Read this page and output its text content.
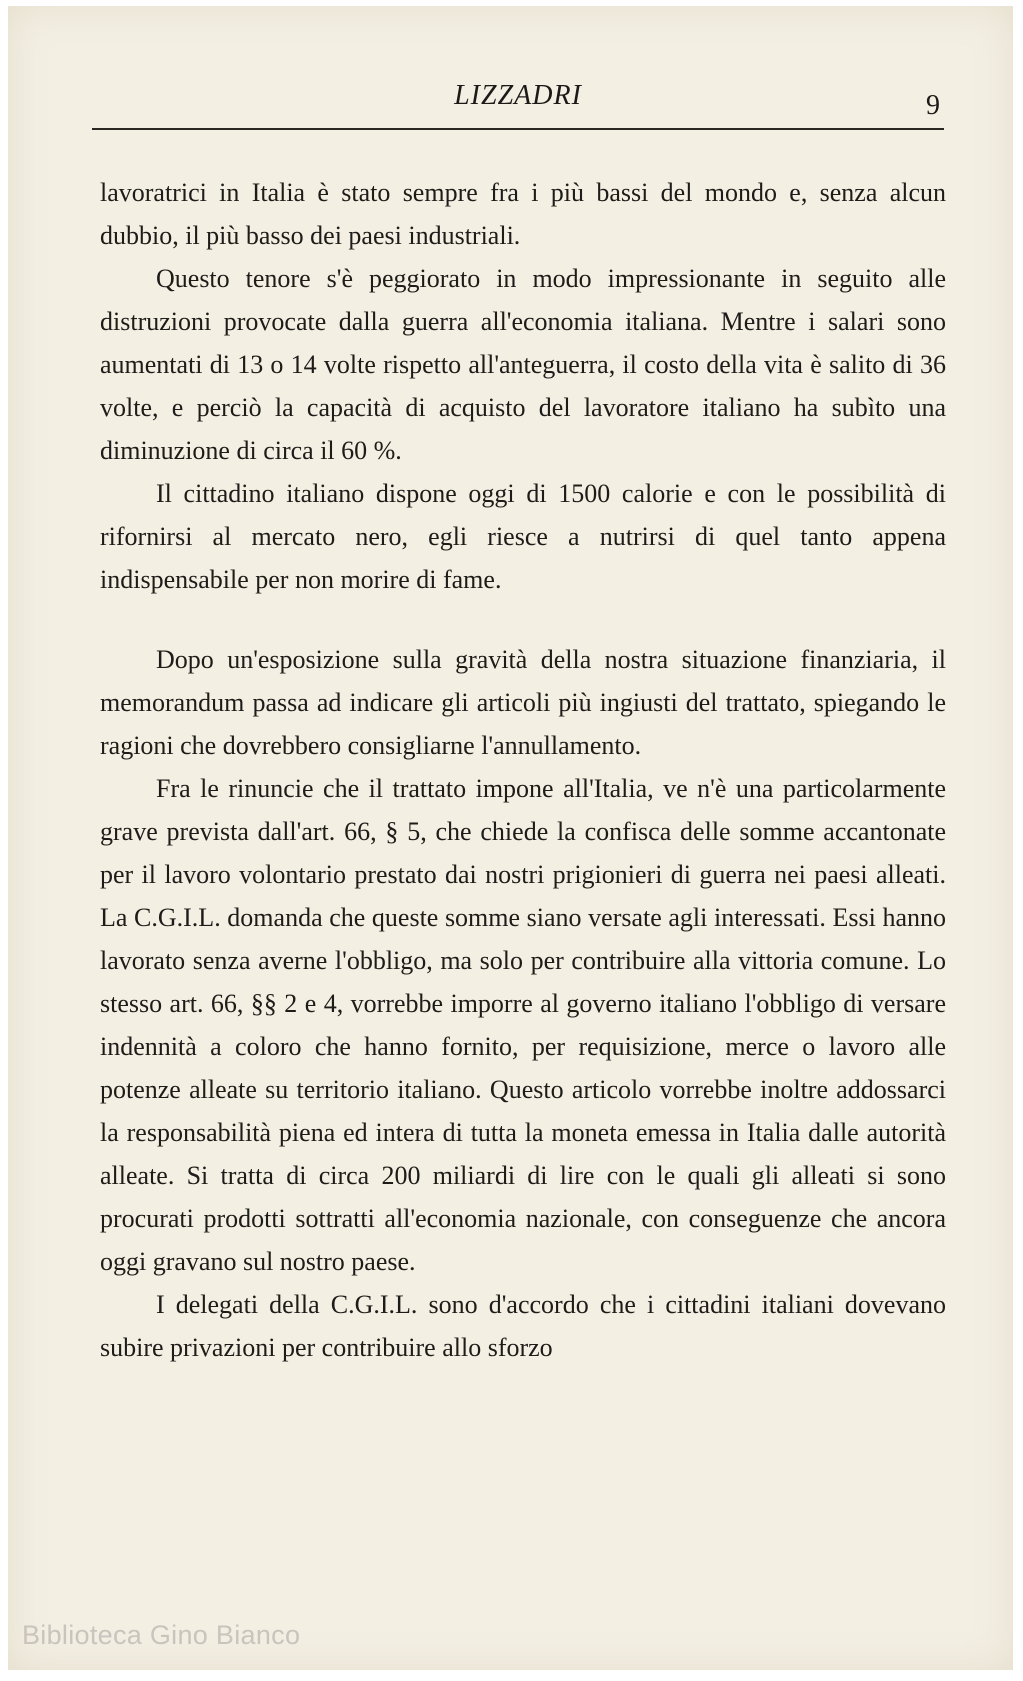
LIZZADRI	9

lavoratrici in Italia è stato sempre fra i più bassi del mondo e, senza alcun dubbio, il più basso dei paesi industriali.

Questo tenore s'è peggiorato in modo impressionante in seguito alle distruzioni provocate dalla guerra all'economia italiana. Mentre i salari sono aumentati di 13 o 14 volte rispetto all'anteguerra, il costo della vita è salito di 36 volte, e perciò la capacità di acquisto del lavoratore italiano ha subìto una diminuzione di circa il 60 %.

Il cittadino italiano dispone oggi di 1500 calorie e con le possibilità di rifornirsi al mercato nero, egli riesce a nutrirsi di quel tanto appena indispensabile per non morire di fame.

Dopo un'esposizione sulla gravità della nostra situazione finanziaria, il memorandum passa ad indicare gli articoli più ingiusti del trattato, spiegando le ragioni che dovrebbero consigliarne l'annullamento.

Fra le rinuncie che il trattato impone all'Italia, ve n'è una particolarmente grave prevista dall'art. 66, § 5, che chiede la confisca delle somme accantonate per il lavoro volontario prestato dai nostri prigionieri di guerra nei paesi alleati. La C.G.I.L. domanda che queste somme siano versate agli interessati. Essi hanno lavorato senza averne l'obbligo, ma solo per contribuire alla vittoria comune. Lo stesso art. 66, §§ 2 e 4, vorrebbe imporre al governo italiano l'obbligo di versare indennità a coloro che hanno fornito, per requisizione, merce o lavoro alle potenze alleate su territorio italiano. Questo articolo vorrebbe inoltre addossarci la responsabilità piena ed intera di tutta la moneta emessa in Italia dalle autorità alleate. Si tratta di circa 200 miliardi di lire con le quali gli alleati si sono procurati prodotti sottratti all'economia nazionale, con conseguenze che ancora oggi gravano sul nostro paese.

I delegati della C.G.I.L. sono d'accordo che i cittadini italiani dovevano subire privazioni per contribuire allo sforzo

Biblioteca Gino Bianco
